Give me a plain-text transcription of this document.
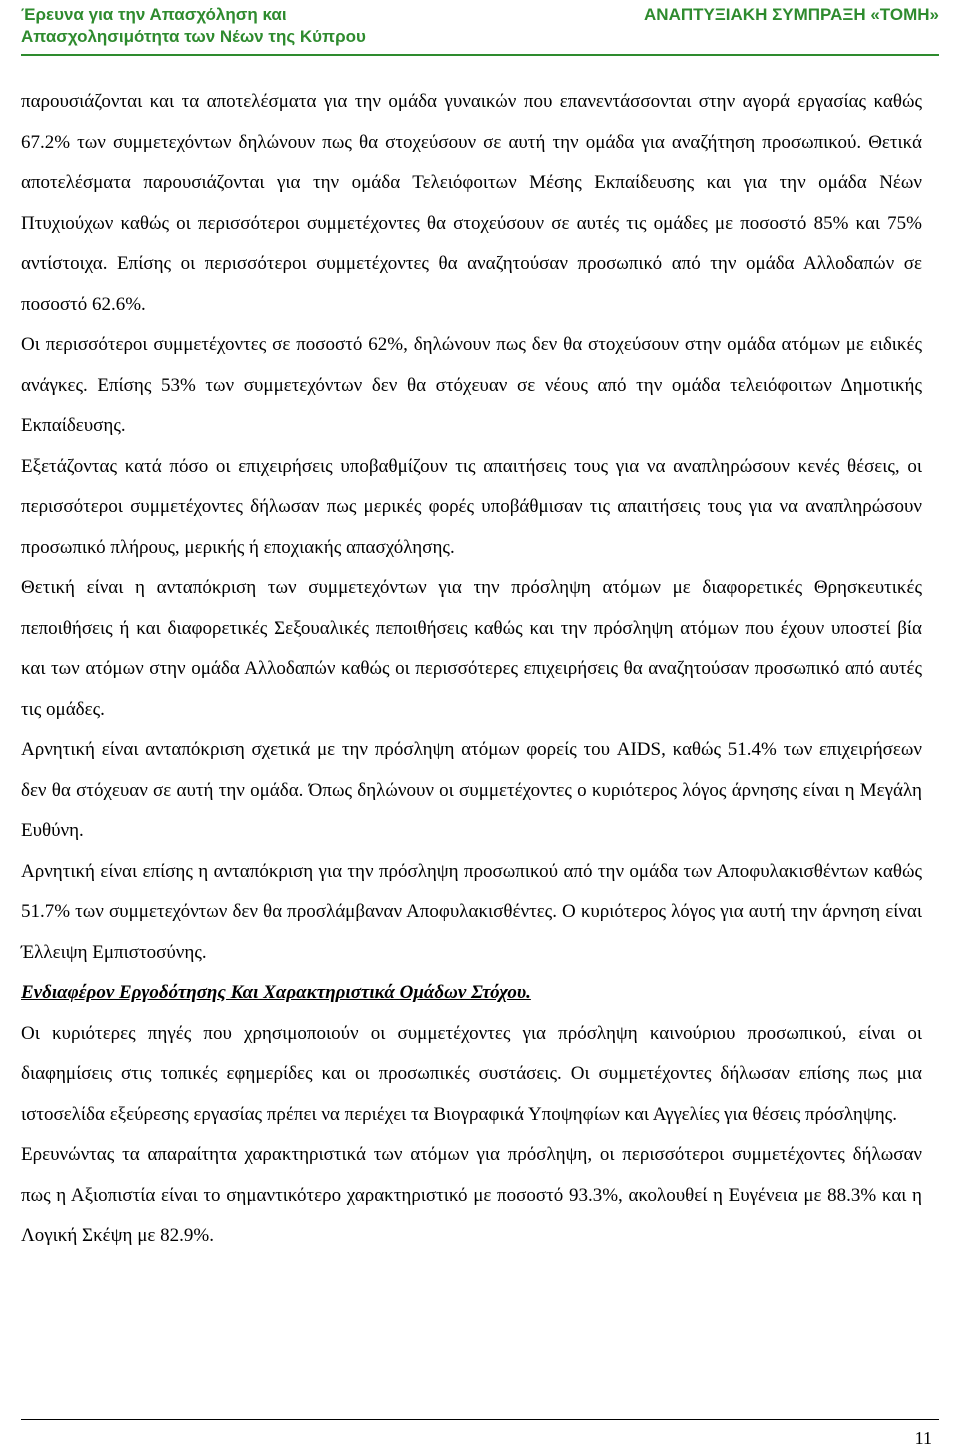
Έρευνα για την Απασχόληση και
Απασχολησιμότητα των Νέων της Κύπρου
ΑΝΑΠΤΥΞΙΑΚΗ ΣΥΜΠΡΑΞΗ «ΤΟΜΗ»

παρουσιάζονται και τα αποτελέσματα για την ομάδα γυναικών που επανεντάσσονται στην αγορά εργασίας καθώς 67.2% των συμμετεχόντων δηλώνουν πως θα στοχεύσουν σε αυτή την ομάδα για αναζήτηση προσωπικού. Θετικά αποτελέσματα παρουσιάζονται για την ομάδα Τελειόφοιτων Μέσης Εκπαίδευσης και για την ομάδα Νέων Πτυχιούχων καθώς οι περισσότεροι συμμετέχοντες θα στοχεύσουν σε αυτές τις ομάδες με ποσοστό 85% και 75% αντίστοιχα. Επίσης οι περισσότεροι συμμετέχοντες θα αναζητούσαν προσωπικό από την ομάδα Αλλοδαπών σε ποσοστό 62.6%.

Οι περισσότεροι συμμετέχοντες σε ποσοστό 62%, δηλώνουν πως δεν θα στοχεύσουν στην ομάδα ατόμων με ειδικές ανάγκες. Επίσης 53% των συμμετεχόντων δεν θα στόχευαν σε νέους από την ομάδα τελειόφοιτων Δημοτικής Εκπαίδευσης.

Εξετάζοντας κατά πόσο οι επιχειρήσεις υποβαθμίζουν τις απαιτήσεις τους για να αναπληρώσουν κενές θέσεις, οι περισσότεροι συμμετέχοντες δήλωσαν πως μερικές φορές υποβάθμισαν τις απαιτήσεις τους για να αναπληρώσουν προσωπικό πλήρους, μερικής ή εποχιακής απασχόλησης.

Θετική είναι η ανταπόκριση των συμμετεχόντων για την πρόσληψη ατόμων με διαφορετικές Θρησκευτικές πεποιθήσεις ή και διαφορετικές Σεξουαλικές πεποιθήσεις καθώς και την πρόσληψη ατόμων που έχουν υποστεί βία και των ατόμων στην ομάδα Αλλοδαπών καθώς οι περισσότερες επιχειρήσεις θα αναζητούσαν προσωπικό από αυτές τις ομάδες.

Αρνητική είναι ανταπόκριση σχετικά με την πρόσληψη ατόμων φορείς του AIDS, καθώς 51.4% των επιχειρήσεων δεν θα στόχευαν σε αυτή την ομάδα. Όπως δηλώνουν οι συμμετέχοντες ο κυριότερος λόγος άρνησης είναι η Μεγάλη Ευθύνη.

Αρνητική είναι επίσης η ανταπόκριση για την πρόσληψη προσωπικού από την ομάδα των Αποφυλακισθέντων καθώς 51.7% των συμμετεχόντων δεν θα προσλάμβαναν Αποφυλακισθέντες. Ο κυριότερος λόγος για αυτή την άρνηση είναι Έλλειψη Εμπιστοσύνης.

Ενδιαφέρον Εργοδότησης Και Χαρακτηριστικά Ομάδων Στόχου.

Οι κυριότερες πηγές που χρησιμοποιούν οι συμμετέχοντες για πρόσληψη καινούριου προσωπικού, είναι οι διαφημίσεις στις τοπικές εφημερίδες και οι προσωπικές συστάσεις. Οι συμμετέχοντες δήλωσαν επίσης πως μια ιστοσελίδα εξεύρεσης εργασίας πρέπει να περιέχει τα Βιογραφικά Υποψηφίων και Αγγελίες για θέσεις πρόσληψης.

Ερευνώντας τα απαραίτητα χαρακτηριστικά των ατόμων για πρόσληψη, οι περισσότεροι συμμετέχοντες δήλωσαν πως η Αξιοπιστία είναι το σημαντικότερο χαρακτηριστικό με ποσοστό 93.3%, ακολουθεί η Ευγένεια με 88.3% και η Λογική Σκέψη με 82.9%.

11
